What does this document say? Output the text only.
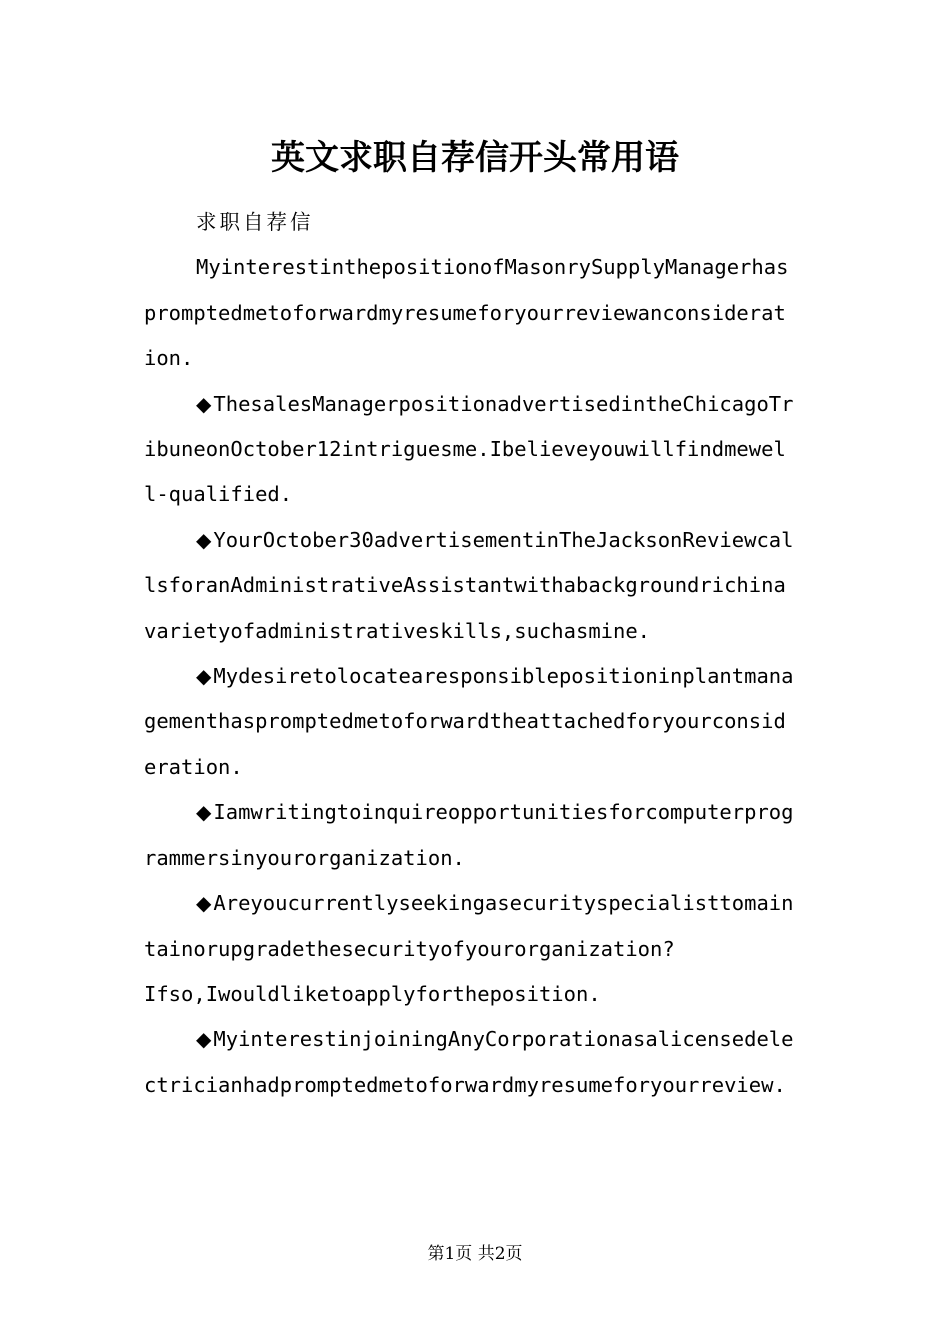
英文求职自荐信开头常用语

求职自荐信

MyinterestinthepositionofMasonrySupplyManagerhaspromptedmetoforwardmyresumeforyourreviewanconsideration.

◆ThesalesManagerpositionadvertisedintheChicagoTribuneonOctober12intriguesme.Ibelieveyouwillfindmewell-qualified.

◆YourOctober30advertisementinTheJacksonReviewcallsforanAdministrativeAssistantwithabackgroundrichinavarietyofadministrativeskills,suchasmine.

◆Mydesiretolocatearesponsiblepositioninplantmanagementhaspromptedmetoforwardtheattachedforyourconsideration.

◆Iamwritingtoinquireopportunitiesforcomputerprogrammersinyourorganization.

◆Areyoucurrentlyseekingasecurityspecialisttomaintainorupgradethesecurityofyourorganization?
Ifso,Iwouldliketoapplyfortheposition.

◆MyinterestinjoiningAnyCorporationasalicensedelectricianhadpromptedmetoforwardmyresumeforyourreview.

第1页 共2页
